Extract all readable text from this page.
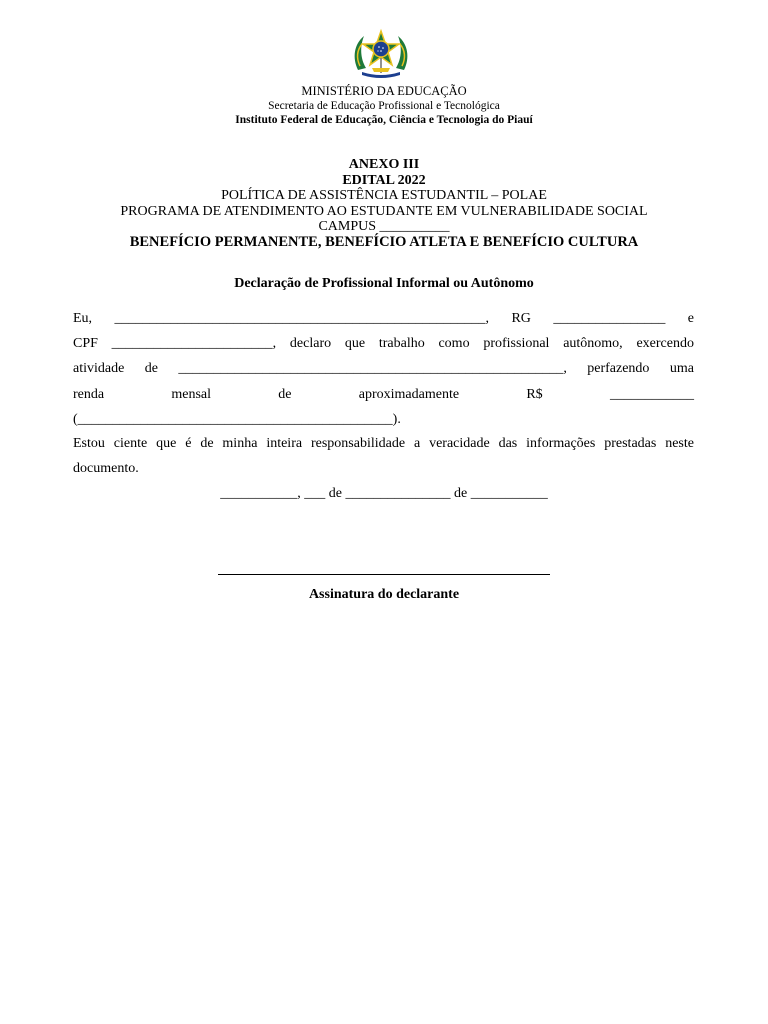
MINISTÉRIO DA EDUCAÇÃO
Secretaria de Educação Profissional e Tecnológica
Instituto Federal de Educação, Ciência e Tecnologia do Piauí
ANEXO III
EDITAL 2022
POLÍTICA DE ASSISTÊNCIA ESTUDANTIL – POLAE
PROGRAMA DE ATENDIMENTO AO ESTUDANTE EM VULNERABILIDADE SOCIAL
CAMPUS __________
BENEFÍCIO PERMANENTE, BENEFÍCIO ATLETA E BENEFÍCIO CULTURA
Declaração de Profissional Informal ou Autônomo
Eu, _____________________________________________________, RG ________________ e
CPF _______________________, declaro que trabalho como profissional autônomo, exercendo
atividade de _______________________________________________________, perfazendo uma
renda	mensal	de	aproximadamente	R$	____________
(_____________________________________________).
Estou ciente que é de minha inteira responsabilidade a veracidade das informações prestadas neste
documento.
___________, ___ de _______________ de ___________
Assinatura do declarante
